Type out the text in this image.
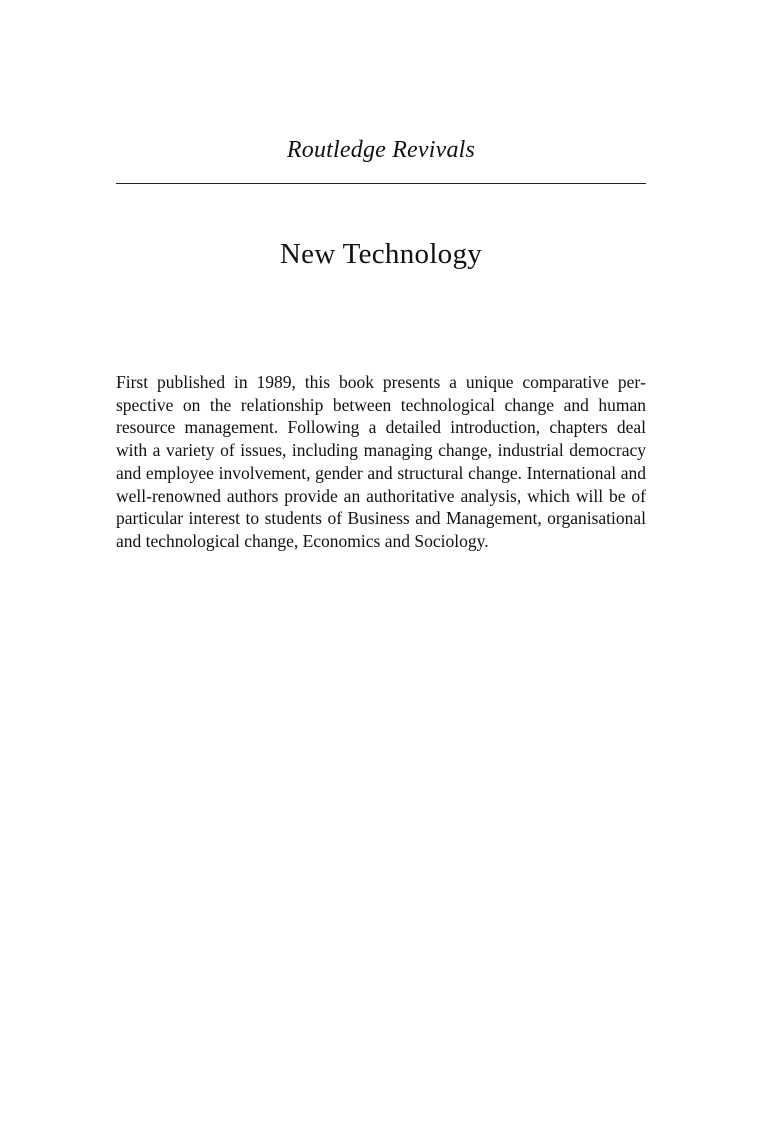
Routledge Revivals
New Technology

First published in 1989, this book presents a unique comparative perspective on the relationship between technological change and human resource management. Following a detailed introduction, chapters deal with a variety of issues, including managing change, industrial democracy and employee involvement, gender and structural change. International and well-renowned authors provide an authoritative analysis, which will be of particular interest to students of Business and Management, organisational and technological change, Economics and Sociology.
